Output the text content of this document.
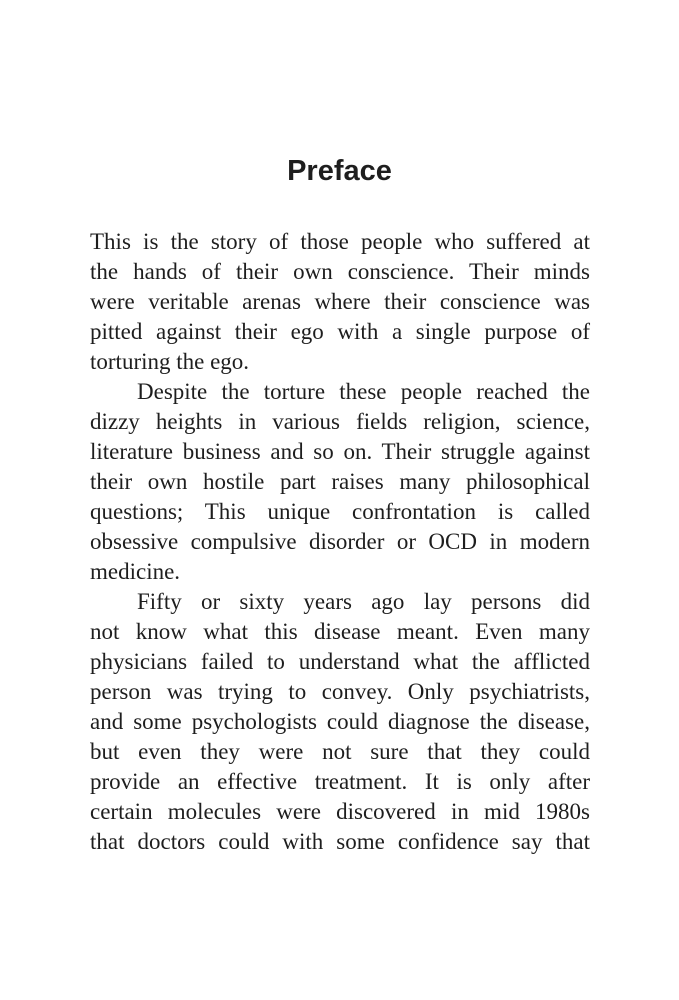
Preface
This is the story of those people who suffered at
the hands of their own conscience. Their minds
were veritable arenas where their conscience was
pitted against their ego with a single purpose of
torturing the ego.
Despite the torture these people reached the
dizzy heights in various fields religion, science,
literature business and so on. Their struggle against
their own hostile part raises many philosophical
questions; This unique confrontation is called
obsessive compulsive disorder or OCD in modern
medicine.
Fifty or sixty years ago lay persons did
not know what this disease meant. Even many
physicians failed to understand what the afflicted
person was trying to convey. Only psychiatrists,
and some psychologists could diagnose the disease,
but even they were not sure that they could
provide an effective treatment. It is only after
certain molecules were discovered in mid 1980s
that doctors could with some confidence say that
